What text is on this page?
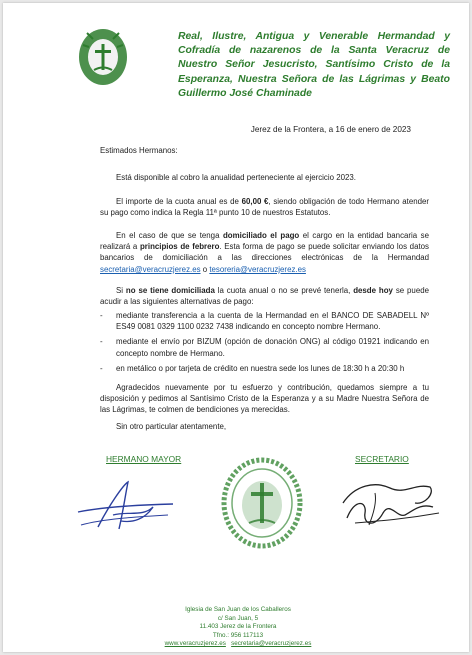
Real, Ilustre, Antigua y Venerable Hermandad y Cofradía de nazarenos de la Santa Veracruz de Nuestro Señor Jesucristo, Santísimo Cristo de la Esperanza, Nuestra Señora de las Lágrimas y Beato Guillermo José Chaminade
Jerez de la Frontera, a 16 de enero de 2023
Estimados Hermanos:
Está disponible al cobro la anualidad perteneciente al ejercicio 2023.
El importe de la cuota anual es de 60,00 €, siendo obligación de todo Hermano atender su pago como indica la Regla 11ª punto 10 de nuestros Estatutos.
En el caso de que se tenga domiciliado el pago el cargo en la entidad bancaria se realizará a principios de febrero. Esta forma de pago se puede solicitar enviando los datos bancarios de domiciliación a las direcciones electrónicas de la Hermandad secretaria@veracruzjerez.es o tesoreria@veracruzjerez.es
Si no se tiene domiciliada la cuota anual o no se prevé tenerla, desde hoy se puede acudir a las siguientes alternativas de pago:
- mediante transferencia a la cuenta de la Hermandad en el BANCO DE SABADELL Nº ES49 0081 0329 1100 0232 7438 indicando en concepto nombre Hermano.
- mediante el envío por BIZUM (opción de donación ONG) al código 01921 indicando en concepto nombre de Hermano.
- en metálico o por tarjeta de crédito en nuestra sede los lunes de 18:30 h a 20:30 h
Agradecidos nuevamente por tu esfuerzo y contribución, quedamos siempre a tu disposición y pedimos al Santísimo Cristo de la Esperanza y a su Madre Nuestra Señora de las Lágrimas, te colmen de bendiciones ya merecidas.
Sin otro particular atentamente,
HERMANO MAYOR	SECRETARIO
Iglesia de San Juan de los Caballeros
c/ San Juan, 5
11.403 Jerez de la Frontera
Tfno.: 956 117113
www.veracruzjerez.es secretaria@veracruzjerez.es
